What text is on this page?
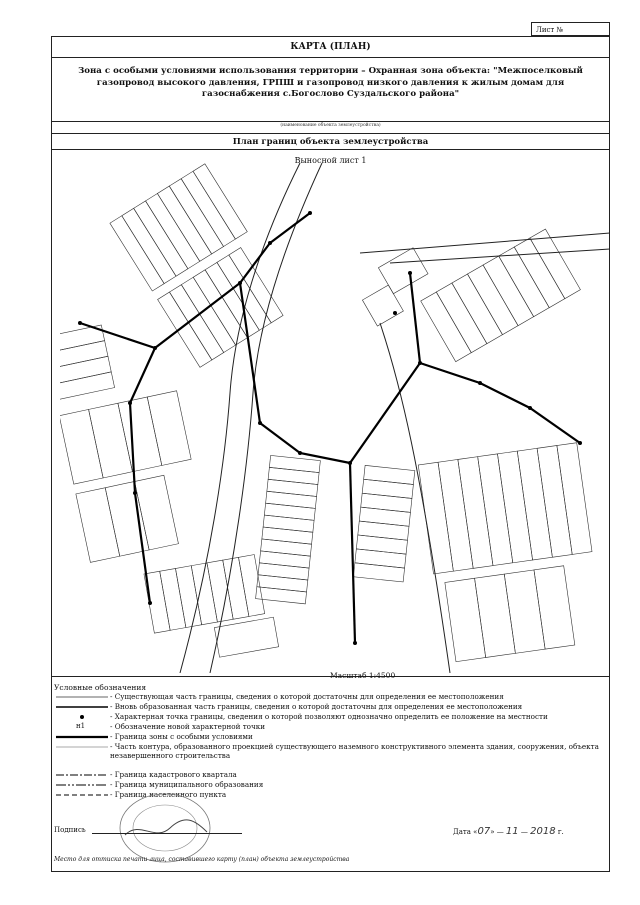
Лист №
КАРТА (ПЛАН)
Зона с особыми условиями использования территории – Охранная зона объекта: "Межпоселковый газопровод высокого давления, ГРПШ и газопровод низкого давления к жилым домам для газоснабжения с.Богослово Суздальского района"
(наименование объекта землеустройства)
План границ объекта землеустройства
Выносной лист 1
Масштаб 1:4500
Условные обозначения
- Существующая часть границы, сведения о которой достаточны для определения ее местоположения
- Вновь образованная часть границы, сведения о которой достаточны для определения ее местоположения
- Характерная точка границы, сведения о которой позволяют однозначно определить ее положение на местности
н1	- Обозначение новой характерной точки
- Граница зоны с особыми условиями
- Часть контура, образованного проекцией существующего наземного конструктивного элемента здания, сооружения, объекта незавершенного строительства
- Граница кадастрового квартала
- Граница муниципального образования
- Граница населенного пункта
Подпись	Дата «07» — 11 — 2018 г.
Место для оттиска печати лица, составившего карту (план) объекта землеустройства
